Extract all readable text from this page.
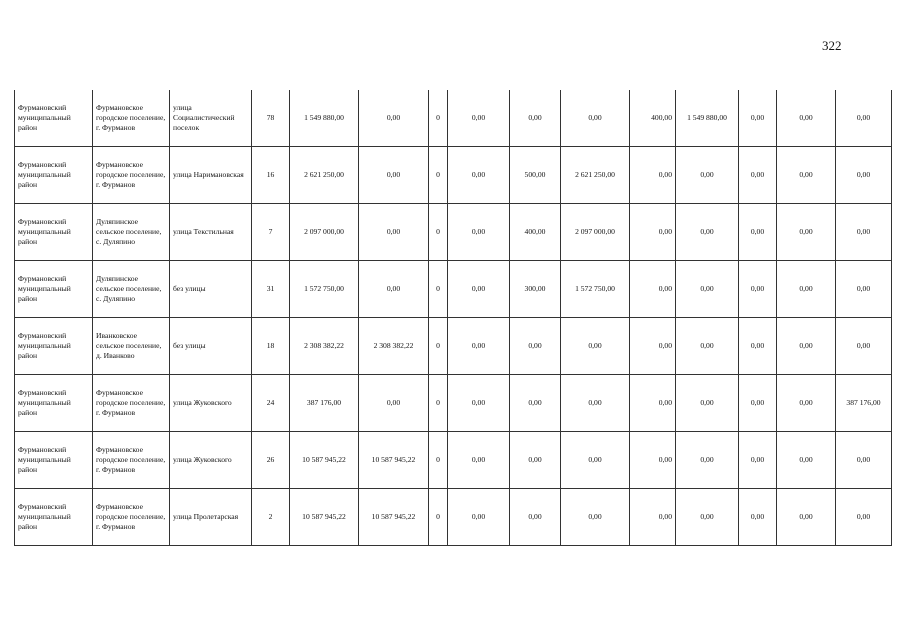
322
Фурмановский муниципальный район	Фурмановское городское поселение, г. Фурманов	улица Социалистический поселок	78	1 549 880,00	0,00	0	0,00	0,00	0,00	400,00	1 549 880,00	0,00	0,00	0,00
Фурмановский муниципальный район	Фурмановское городское поселение, г. Фурманов	улица Наримановская	16	2 621 250,00	0,00	0	0,00	500,00	2 621 250,00	0,00	0,00	0,00	0,00	0,00
Фурмановский муниципальный район	Дуляпинское сельское поселение, с. Дуляпино	улица Текстильная	7	2 097 000,00	0,00	0	0,00	400,00	2 097 000,00	0,00	0,00	0,00	0,00	0,00
Фурмановский муниципальный район	Дуляпинское сельское поселение, с. Дуляпино	без улицы	31	1 572 750,00	0,00	0	0,00	300,00	1 572 750,00	0,00	0,00	0,00	0,00	0,00
Фурмановский муниципальный район	Иванковское сельское поселение, д. Иванково	без улицы	18	2 308 382,22	2 308 382,22	0	0,00	0,00	0,00	0,00	0,00	0,00	0,00	0,00
Фурмановский муниципальный район	Фурмановское городское поселение, г. Фурманов	улица Жуковского	24	387 176,00	0,00	0	0,00	0,00	0,00	0,00	0,00	0,00	0,00	387 176,00
Фурмановский муниципальный район	Фурмановское городское поселение, г. Фурманов	улица Жуковского	26	10 587 945,22	10 587 945,22	0	0,00	0,00	0,00	0,00	0,00	0,00	0,00	0,00
Фурмановский муниципальный район	Фурмановское городское поселение, г. Фурманов	улица Пролетарская	2	10 587 945,22	10 587 945,22	0	0,00	0,00	0,00	0,00	0,00	0,00	0,00	0,00
